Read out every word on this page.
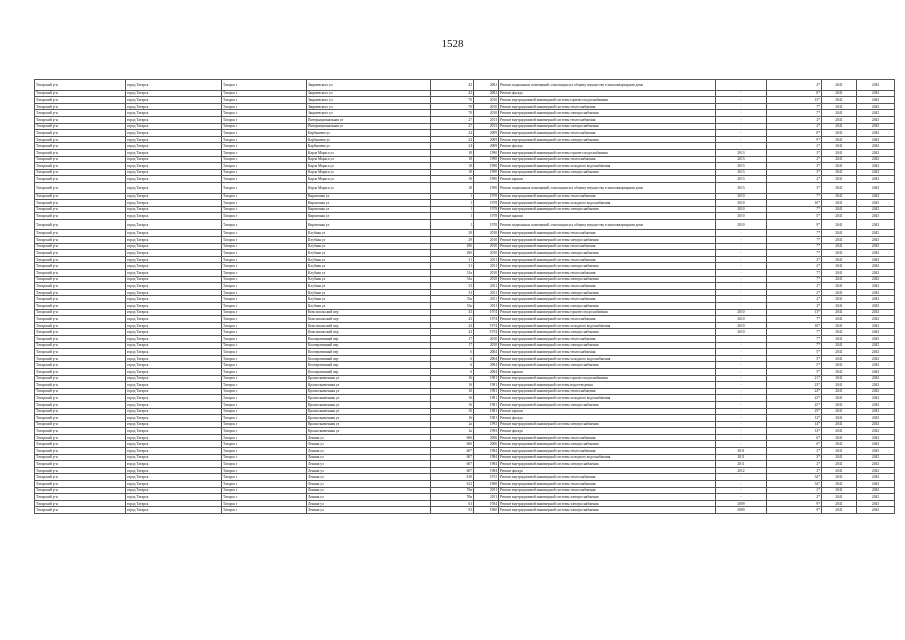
1528
Татарский р-н	город Татарск	Татарск г	Закриевского ул	42	2002	Ремонт подвальных помещений, относящихся к общему имуществу в многоквартирном доме		4*	2041	2043
Татарский р-н	город Татарск	Татарск г	Закриевского ул	42	2002	Ремонт фасада	-	6*	2041	2043
Татарский р-н	город Татарск	Татарск г	Закриевского ул	70	2010	Ремонт внутридомовой инженерной системы горячего водоснабжения	-	13*	2041	2043
Татарский р-н	город Татарск	Татарск г	Закриевского ул	70	2010	Ремонт внутридомовой инженерной системы теплоснабжения	-	7*	2041	2043
Татарский р-н	город Татарск	Татарск г	Закриевского ул	70	2010	Ремонт внутридомовой инженерной системы электроснабжения	-	7*	2041	2043
Татарский р-н	город Татарск	Татарск г	Интернациональная ул	27	2013	Ремонт внутридомовой инженерной системы теплоснабжения	-	2*	2041	2043
Татарский р-н	город Татарск	Татарск г	Интернациональная ул	27	2013	Ремонт внутридомовой инженерной системы электроснабжения	-	2*	2041	2043
Татарский р-н	город Татарск	Татарск г	Карбышева ул	24	2009	Ремонт внутридомовой инженерной системы теплоснабжения	-	8*	2041	2043
Татарский р-н	город Татарск	Татарск г	Карбышева ул	24	2009	Ремонт внутридомовой инженерной системы электроснабжения	-	9*	2041	2043
Татарский р-н	город Татарск	Татарск г	Карбышева ул	24	2009	Ремонт фасада	-	2*	2041	2043
Татарский р-н	город Татарск	Татарск г	Карла Маркса ул	18	1990	Ремонт внутридомовой инженерной системы горячего водоснабжения	2013	3*	2041	2043
Татарский р-н	город Татарск	Татарск г	Карла Маркса ул	18	1990	Ремонт внутридомовой инженерной системы теплоснабжения	2013	2*	2041	2043
Татарский р-н	город Татарск	Татарск г	Карла Маркса ул	18	1990	Ремонт внутридомовой инженерной системы холодного водоснабжения	2013	3*	2041	2043
Татарский р-н	город Татарск	Татарск г	Карла Маркса ул	18	1990	Ремонт внутридомовой инженерной системы электроснабжения	2013	3*	2041	2043
Татарский р-н	город Татарск	Татарск г	Карла Маркса ул	18	1990	Ремонт крыши	2013	2*	2041	2043
Татарский р-н	город Татарск	Татарск г	Карла Маркса ул	18	1990	Ремонт подвальных помещений, относящихся к общему имуществу в многоквартирном доме	2013	3*	2041	2043
Татарский р-н	город Татарск	Татарск г	Кирпичная ул	1	1978	Ремонт внутридомовой инженерной системы теплоснабжения	2010	7*	2041	2043
Татарский р-н	город Татарск	Татарск г	Кирпичная ул	1	1978	Ремонт внутридомовой инженерной системы холодного водоснабжения	2010	10*	2041	2043
Татарский р-н	город Татарск	Татарск г	Кирпичная ул	1	1978	Ремонт внутридомовой инженерной системы электроснабжения	2010	7*	2041	2043
Татарский р-н	город Татарск	Татарск г	Кирпичная ул	1	1978	Ремонт крыши	2010	5*	2041	2043
Татарский р-н	город Татарск	Татарск г	Кирпичная ул	1	1978	Ремонт подвальных помещений, относящихся к общему имуществу в многоквартирном доме	2010	9*	2041	2043
Татарский р-н	город Татарск	Татарск г	Клубная ул	29	2010	Ремонт внутридомовой инженерной системы теплоснабжения	-	7*	2041	2043
Татарский р-н	город Татарск	Татарск г	Клубная ул	29	2010	Ремонт внутридомовой инженерной системы электроснабжения	-	7*	2041	2043
Татарский р-н	город Татарск	Татарск г	Клубная ул	29б	2010	Ремонт внутридомовой инженерной системы теплоснабжения	-	7*	2041	2043
Татарский р-н	город Татарск	Татарск г	Клубная ул	29б	2010	Ремонт внутридомовой инженерной системы электроснабжения	-	7*	2041	2043
Татарский р-н	город Татарск	Татарск г	Клубная ул	31	2011	Ремонт внутридомовой инженерной системы теплоснабжения	-	2*	2041	2043
Татарский р-н	город Татарск	Татарск г	Клубная ул	31	2011	Ремонт внутридомовой инженерной системы электроснабжения	-	2*	2041	2043
Татарский р-н	город Татарск	Татарск г	Клубная ул	31а	2010	Ремонт внутридомовой инженерной системы теплоснабжения	-	7*	2041	2043
Татарский р-н	город Татарск	Татарск г	Клубная ул	31а	2010	Ремонт внутридомовой инженерной системы электроснабжения	-	7*	2041	2043
Татарский р-н	город Татарск	Татарск г	Клубная ул	33	2011	Ремонт внутридомовой инженерной системы теплоснабжения	-	2*	2041	2043
Татарский р-н	город Татарск	Татарск г	Клубная ул	33	2011	Ремонт внутридомовой инженерной системы электроснабжения	-	2*	2041	2043
Татарский р-н	город Татарск	Татарск г	Клубная ул	33а	2011	Ремонт внутридомовой инженерной системы теплоснабжения	-	2*	2041	2043
Татарский р-н	город Татарск	Татарск г	Клубная ул	33а	2011	Ремонт внутридомовой инженерной системы электроснабжения	-	2*	2041	2043
Татарский р-н	город Татарск	Татарск г	Комсомольский пер	43	1974	Ремонт внутридомовой инженерной системы горячего водоснабжения	2010	13*	2041	2043
Татарский р-н	город Татарск	Татарск г	Комсомольский пер	43	1974	Ремонт внутридомовой инженерной системы теплоснабжения	2010	7*	2041	2043
Татарский р-н	город Татарск	Татарск г	Комсомольский пер	43	1974	Ремонт внутридомовой инженерной системы холодного водоснабжения	2010	10*	2041	2043
Татарский р-н	город Татарск	Татарск г	Комсомольский пер	43	1974	Ремонт внутридомовой инженерной системы электроснабжения	2010	7*	2041	2043
Татарский р-н	город Татарск	Татарск г	Кооперативный пер	17	2010	Ремонт внутридомовой инженерной системы теплоснабжения	-	7*	2041	2043
Татарский р-н	город Татарск	Татарск г	Кооперативный пер	17	2010	Ремонт внутридомовой инженерной системы электроснабжения	-	7*	2041	2043
Татарский р-н	город Татарск	Татарск г	Кооперативный пер	6	2004	Ремонт внутридомовой инженерной системы теплоснабжения	-	5*	2041	2043
Татарский р-н	город Татарск	Татарск г	Кооперативный пер	6	2004	Ремонт внутридомовой инженерной системы холодного водоснабжения	-	5*	2041	2043
Татарский р-н	город Татарск	Татарск г	Кооперативный пер	6	2004	Ремонт внутридомовой инженерной системы электроснабжения	-	5*	2041	2043
Татарский р-н	город Татарск	Татарск г	Кооперативный пер	6	2004	Ремонт крыши	-	5*	2041	2043
Татарский р-н	город Татарск	Татарск г	Краснознаменная ул	16	1981	Ремонт внутридомовой инженерной системы горячего водоснабжения	-	21*	2041	2043
Татарский р-н	город Татарск	Татарск г	Краснознаменная ул	16	1981	Ремонт внутридомовой инженерной системы водоотведения	-	23*	2041	2043
Татарский р-н	город Татарск	Татарск г	Краснознаменная ул	16	1981	Ремонт внутридомовой инженерной системы теплоснабжения	-	24*	2041	2043
Татарский р-н	город Татарск	Татарск г	Краснознаменная ул	16	1981	Ремонт внутридомовой инженерной системы холодного водоснабжения	-	23*	2041	2043
Татарский р-н	город Татарск	Татарск г	Краснознаменная ул	16	1981	Ремонт внутридомовой инженерной системы электроснабжения	-	23*	2041	2043
Татарский р-н	город Татарск	Татарск г	Краснознаменная ул	16	1981	Ремонт крыши	-	25*	2041	2043
Татарский р-н	город Татарск	Татарск г	Краснознаменная ул	16	1981	Ремонт фасада	-	12*	2041	2043
Татарский р-н	город Татарск	Татарск г	Краснознаменная ул	2а	1993	Ремонт внутридомовой инженерной системы электроснабжения	-	14*	2041	2043
Татарский р-н	город Татарск	Татарск г	Краснознаменная ул	2а	1993	Ремонт фасада	-	14*	2041	2043
Татарский р-н	город Татарск	Татарск г	Ленина ул	606	2006	Ремонт внутридомовой инженерной системы теплоснабжения	-	6*	2041	2043
Татарский р-н	город Татарск	Татарск г	Ленина ул	606	2006	Ремонт внутридомовой инженерной системы электроснабжения	-	6*	2041	2043
Татарский р-н	город Татарск	Татарск г	Ленина ул	607	1984	Ремонт внутридомовой инженерной системы теплоснабжения	2011	3*	2041	2043
Татарский р-н	город Татарск	Татарск г	Ленина ул	607	1984	Ремонт внутридомовой инженерной системы холодного водоснабжения	2011	3*	2041	2043
Татарский р-н	город Татарск	Татарск г	Ленина ул	607	1984	Ремонт внутридомовой инженерной системы электроснабжения	2011	2*	2041	2043
Татарский р-н	город Татарск	Татарск г	Ленина ул	607	1984	Ремонт фасада	2012	2*	2041	2043
Татарский р-н	город Татарск	Татарск г	Ленина ул	610	1972	Ремонт внутридомовой инженерной системы теплоснабжения	-	34*	2041	2043
Татарский р-н	город Татарск	Татарск г	Ленина ул	612	1968	Ремонт внутридомовой инженерной системы теплоснабжения	-	34*	2041	2043
Татарский р-н	город Татарск	Татарск г	Ленина ул	59а	2011	Ремонт внутридомовой инженерной системы теплоснабжения	-	2*	2041	2043
Татарский р-н	город Татарск	Татарск г	Ленина ул	59а	2011	Ремонт внутридомовой инженерной системы электроснабжения	-	2*	2041	2043
Татарский р-н	город Татарск	Татарск г	Ленина ул	63	1954	Ремонт внутридомовой инженерной системы электроснабжения	2009	9*	2041	2043
Татарский р-н	город Татарск	Татарск г	Ленина ул	93	1960	Ремонт внутридомовой инженерной системы электроснабжения	2009	9*	2041	2043
